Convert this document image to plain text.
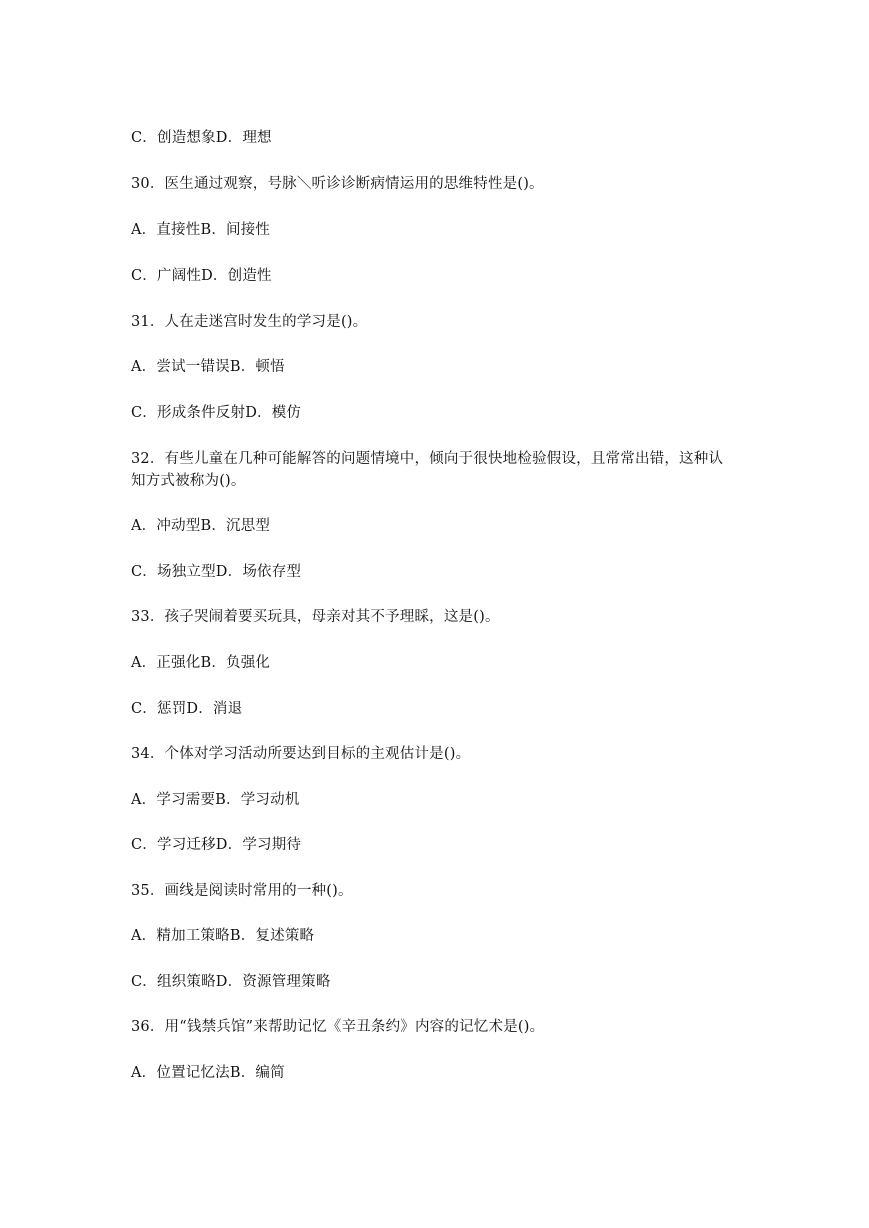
C．创造想象D．理想

30．医生通过观察，号脉＼听诊诊断病情运用的思维特性是()。

A．直接性B．间接性

C．广阔性D．创造性

31．人在走迷宫时发生的学习是()。

A．尝试一错误B．顿悟

C．形成条件反射D．模仿

32．有些儿童在几种可能解答的问题情境中，倾向于很快地检验假设，且常常出错，这种认

知方式被称为()。

A．冲动型B．沉思型

C．场独立型D．场依存型

33．孩子哭闹着要买玩具，母亲对其不予理睬，这是()。

A．正强化B．负强化

C．惩罚D．消退

34．个体对学习活动所要达到目标的主观估计是()。

A．学习需要B．学习动机

C．学习迁移D．学习期待

35．画线是阅读时常用的一种()。

A．精加工策略B．复述策略

C．组织策略D．资源管理策略

36．用“钱禁兵馆”来帮助记忆《辛丑条约》内容的记忆术是()。

A．位置记忆法B．编简
